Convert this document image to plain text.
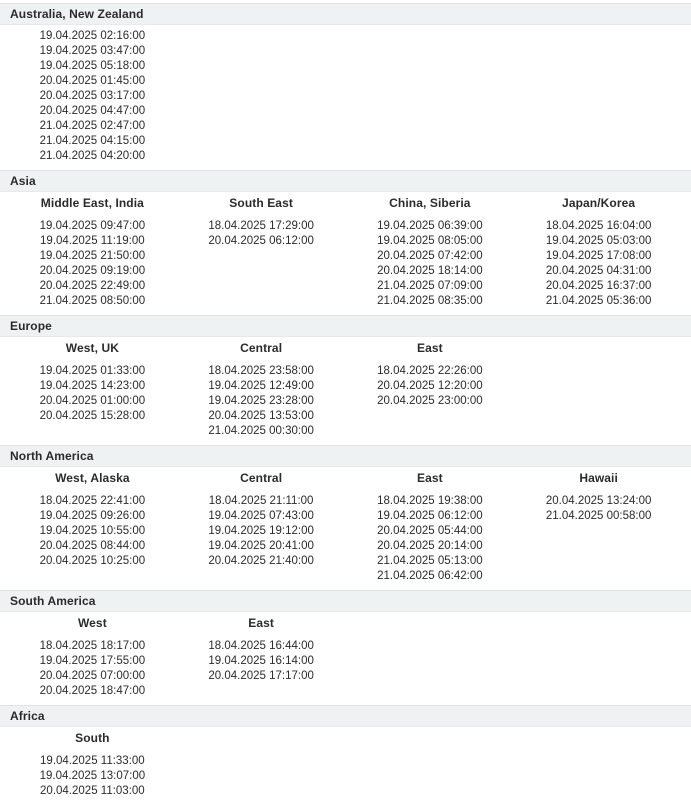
Australia, New Zealand
19.04.2025 02:16:00
19.04.2025 03:47:00
19.04.2025 05:18:00
20.04.2025 01:45:00
20.04.2025 03:17:00
20.04.2025 04:47:00
21.04.2025 02:47:00
21.04.2025 04:15:00
21.04.2025 04:20:00
Asia
Middle East, India
19.04.2025 09:47:00
19.04.2025 11:19:00
19.04.2025 21:50:00
20.04.2025 09:19:00
20.04.2025 22:49:00
21.04.2025 08:50:00
South East
18.04.2025 17:29:00
20.04.2025 06:12:00
China, Siberia
19.04.2025 06:39:00
19.04.2025 08:05:00
20.04.2025 07:42:00
20.04.2025 18:14:00
21.04.2025 07:09:00
21.04.2025 08:35:00
Japan/Korea
18.04.2025 16:04:00
19.04.2025 05:03:00
19.04.2025 17:08:00
20.04.2025 04:31:00
20.04.2025 16:37:00
21.04.2025 05:36:00
Europe
West, UK
19.04.2025 01:33:00
19.04.2025 14:23:00
20.04.2025 01:00:00
20.04.2025 15:28:00
Central
18.04.2025 23:58:00
19.04.2025 12:49:00
19.04.2025 23:28:00
20.04.2025 13:53:00
21.04.2025 00:30:00
East
18.04.2025 22:26:00
20.04.2025 12:20:00
20.04.2025 23:00:00
North America
West, Alaska
18.04.2025 22:41:00
19.04.2025 09:26:00
19.04.2025 10:55:00
20.04.2025 08:44:00
20.04.2025 10:25:00
Central
18.04.2025 21:11:00
19.04.2025 07:43:00
19.04.2025 19:12:00
19.04.2025 20:41:00
20.04.2025 21:40:00
East
18.04.2025 19:38:00
19.04.2025 06:12:00
20.04.2025 05:44:00
20.04.2025 20:14:00
21.04.2025 05:13:00
21.04.2025 06:42:00
Hawaii
20.04.2025 13:24:00
21.04.2025 00:58:00
South America
West
18.04.2025 18:17:00
19.04.2025 17:55:00
20.04.2025 07:00:00
20.04.2025 18:47:00
East
18.04.2025 16:44:00
19.04.2025 16:14:00
20.04.2025 17:17:00
Africa
South
19.04.2025 11:33:00
19.04.2025 13:07:00
20.04.2025 11:03:00
